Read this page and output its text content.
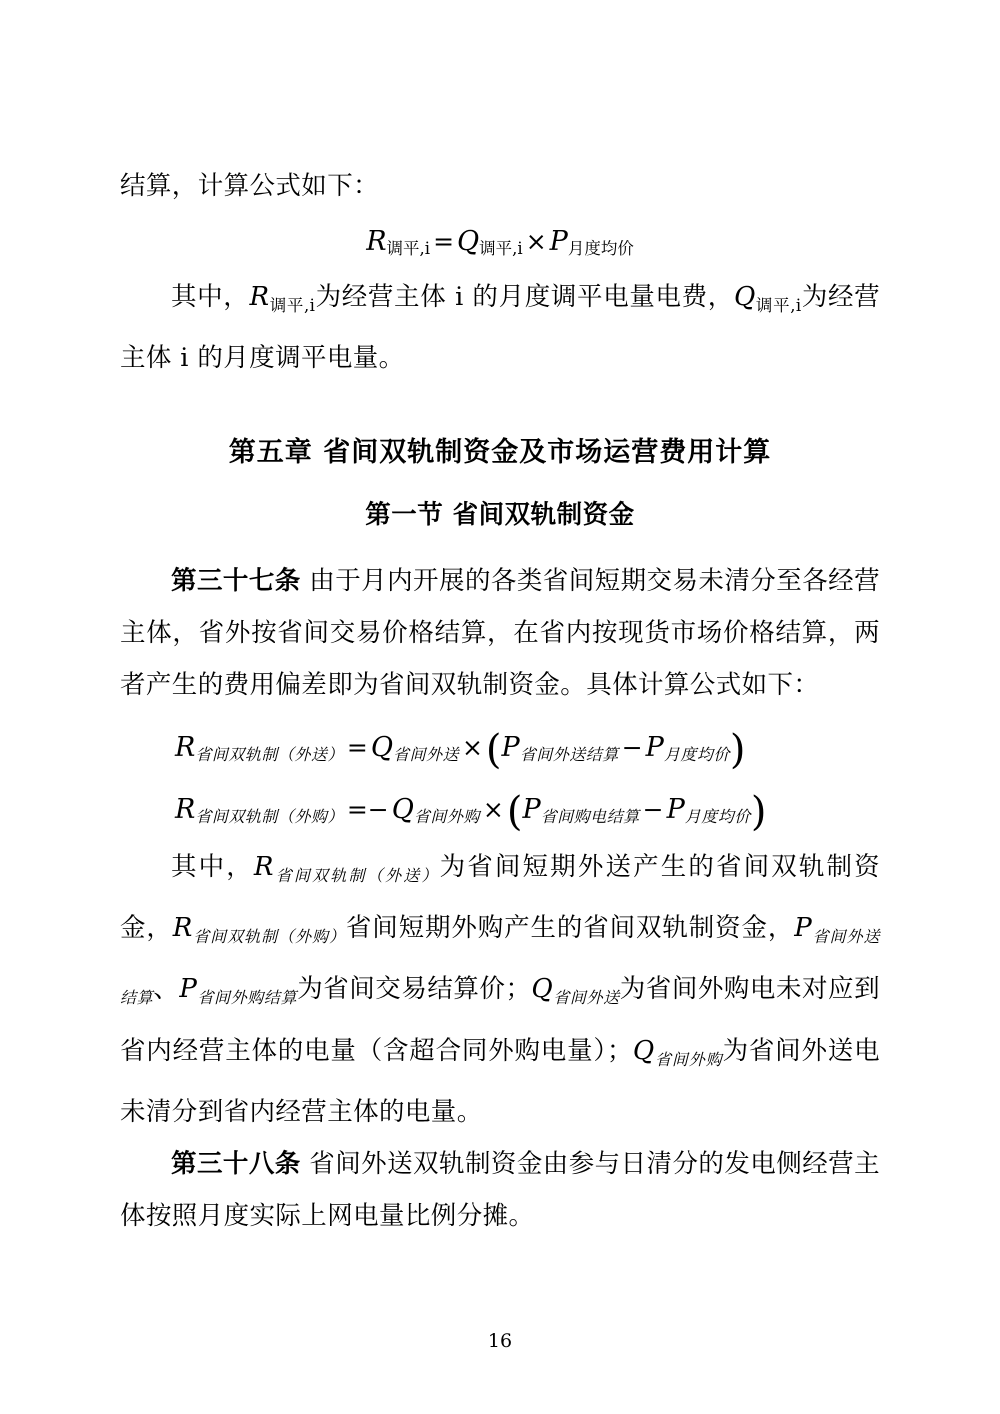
结算，计算公式如下：

R调平,i = Q调平,i × P月度均价

其中，$R_{调平,i}$为经营主体 i 的月度调平电量电费，$Q_{调平,i}$为经营主体 i 的月度调平电量。

第五章 省间双轨制资金及市场运营费用计算
第一节 省间双轨制资金

第三十七条 由于月内开展的各类省间短期交易未清分至各经营主体，省外按省间交易价格结算，在省内按现货市场价格结算，两者产生的费用偏差即为省间双轨制资金。具体计算公式如下：

R省间双轨制（外送） = Q省间外送 ×(P省间外送结算 − P月度均价)
R省间双轨制（外购） =− Q省间外购 ×(P省间购电结算 − P月度均价)

其中，$R_{省间双轨制(外送)}$为省间短期外送产生的省间双轨制资金，$R_{省间双轨制(外购)}$省间短期外购产生的省间双轨制资金，$P_{省间外送结算}$、$P_{省间外购结算}$为省间交易结算价；$Q_{省间外送}$为省间外购电未对应到省内经营主体的电量（含超合同外购电量）；$Q_{省间外购}$为省间外送电未清分到省内经营主体的电量。

第三十八条 省间外送双轨制资金由参与日清分的发电侧经营主体按照月度实际上网电量比例分摊。

16
